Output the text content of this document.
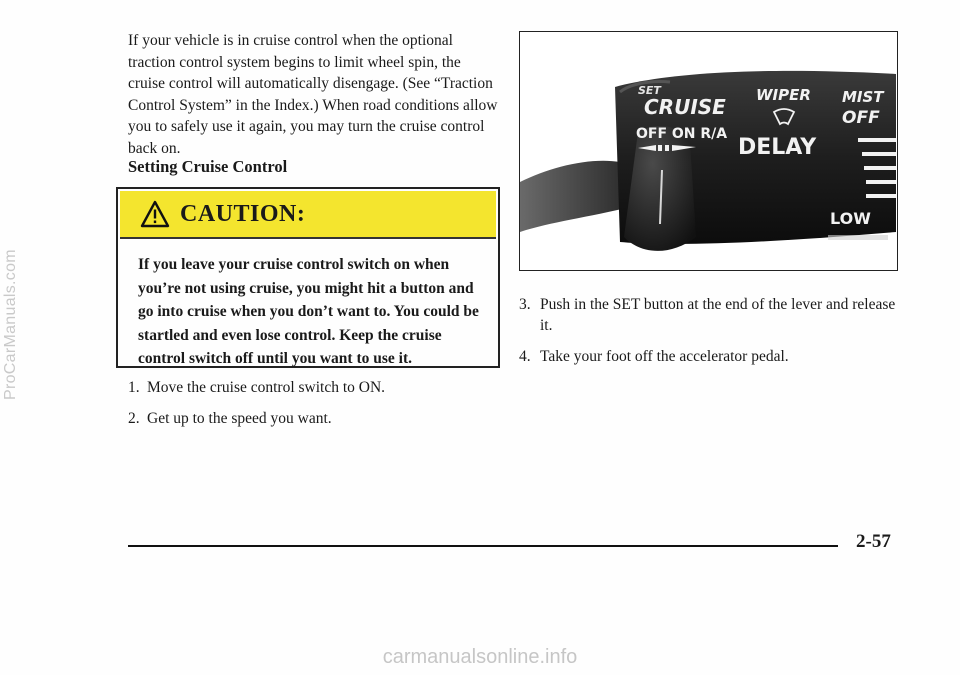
ProCarManuals.com

If your vehicle is in cruise control when the optional traction control system begins to limit wheel spin, the cruise control will automatically disengage. (See “Traction Control System” in the Index.) When road conditions allow you to safely use it again, you may turn the cruise control back on.

Setting Cruise Control
CAUTION:
If you leave your cruise control switch on when you’re not using cruise, you might hit a button and go into cruise when you don’t want to. You could be startled and even lose control. Keep the cruise control switch off until you want to use it.
1. Move the cruise control switch to ON.
2. Get up to the speed you want.
SET
CRUISE
OFF ON R/A
WIPER MIST
OFF
DELAY
LOW
3. Push in the SET button at the end of the lever and release it.
4. Take your foot off the accelerator pedal.
2-57
carmanualsonline.info
